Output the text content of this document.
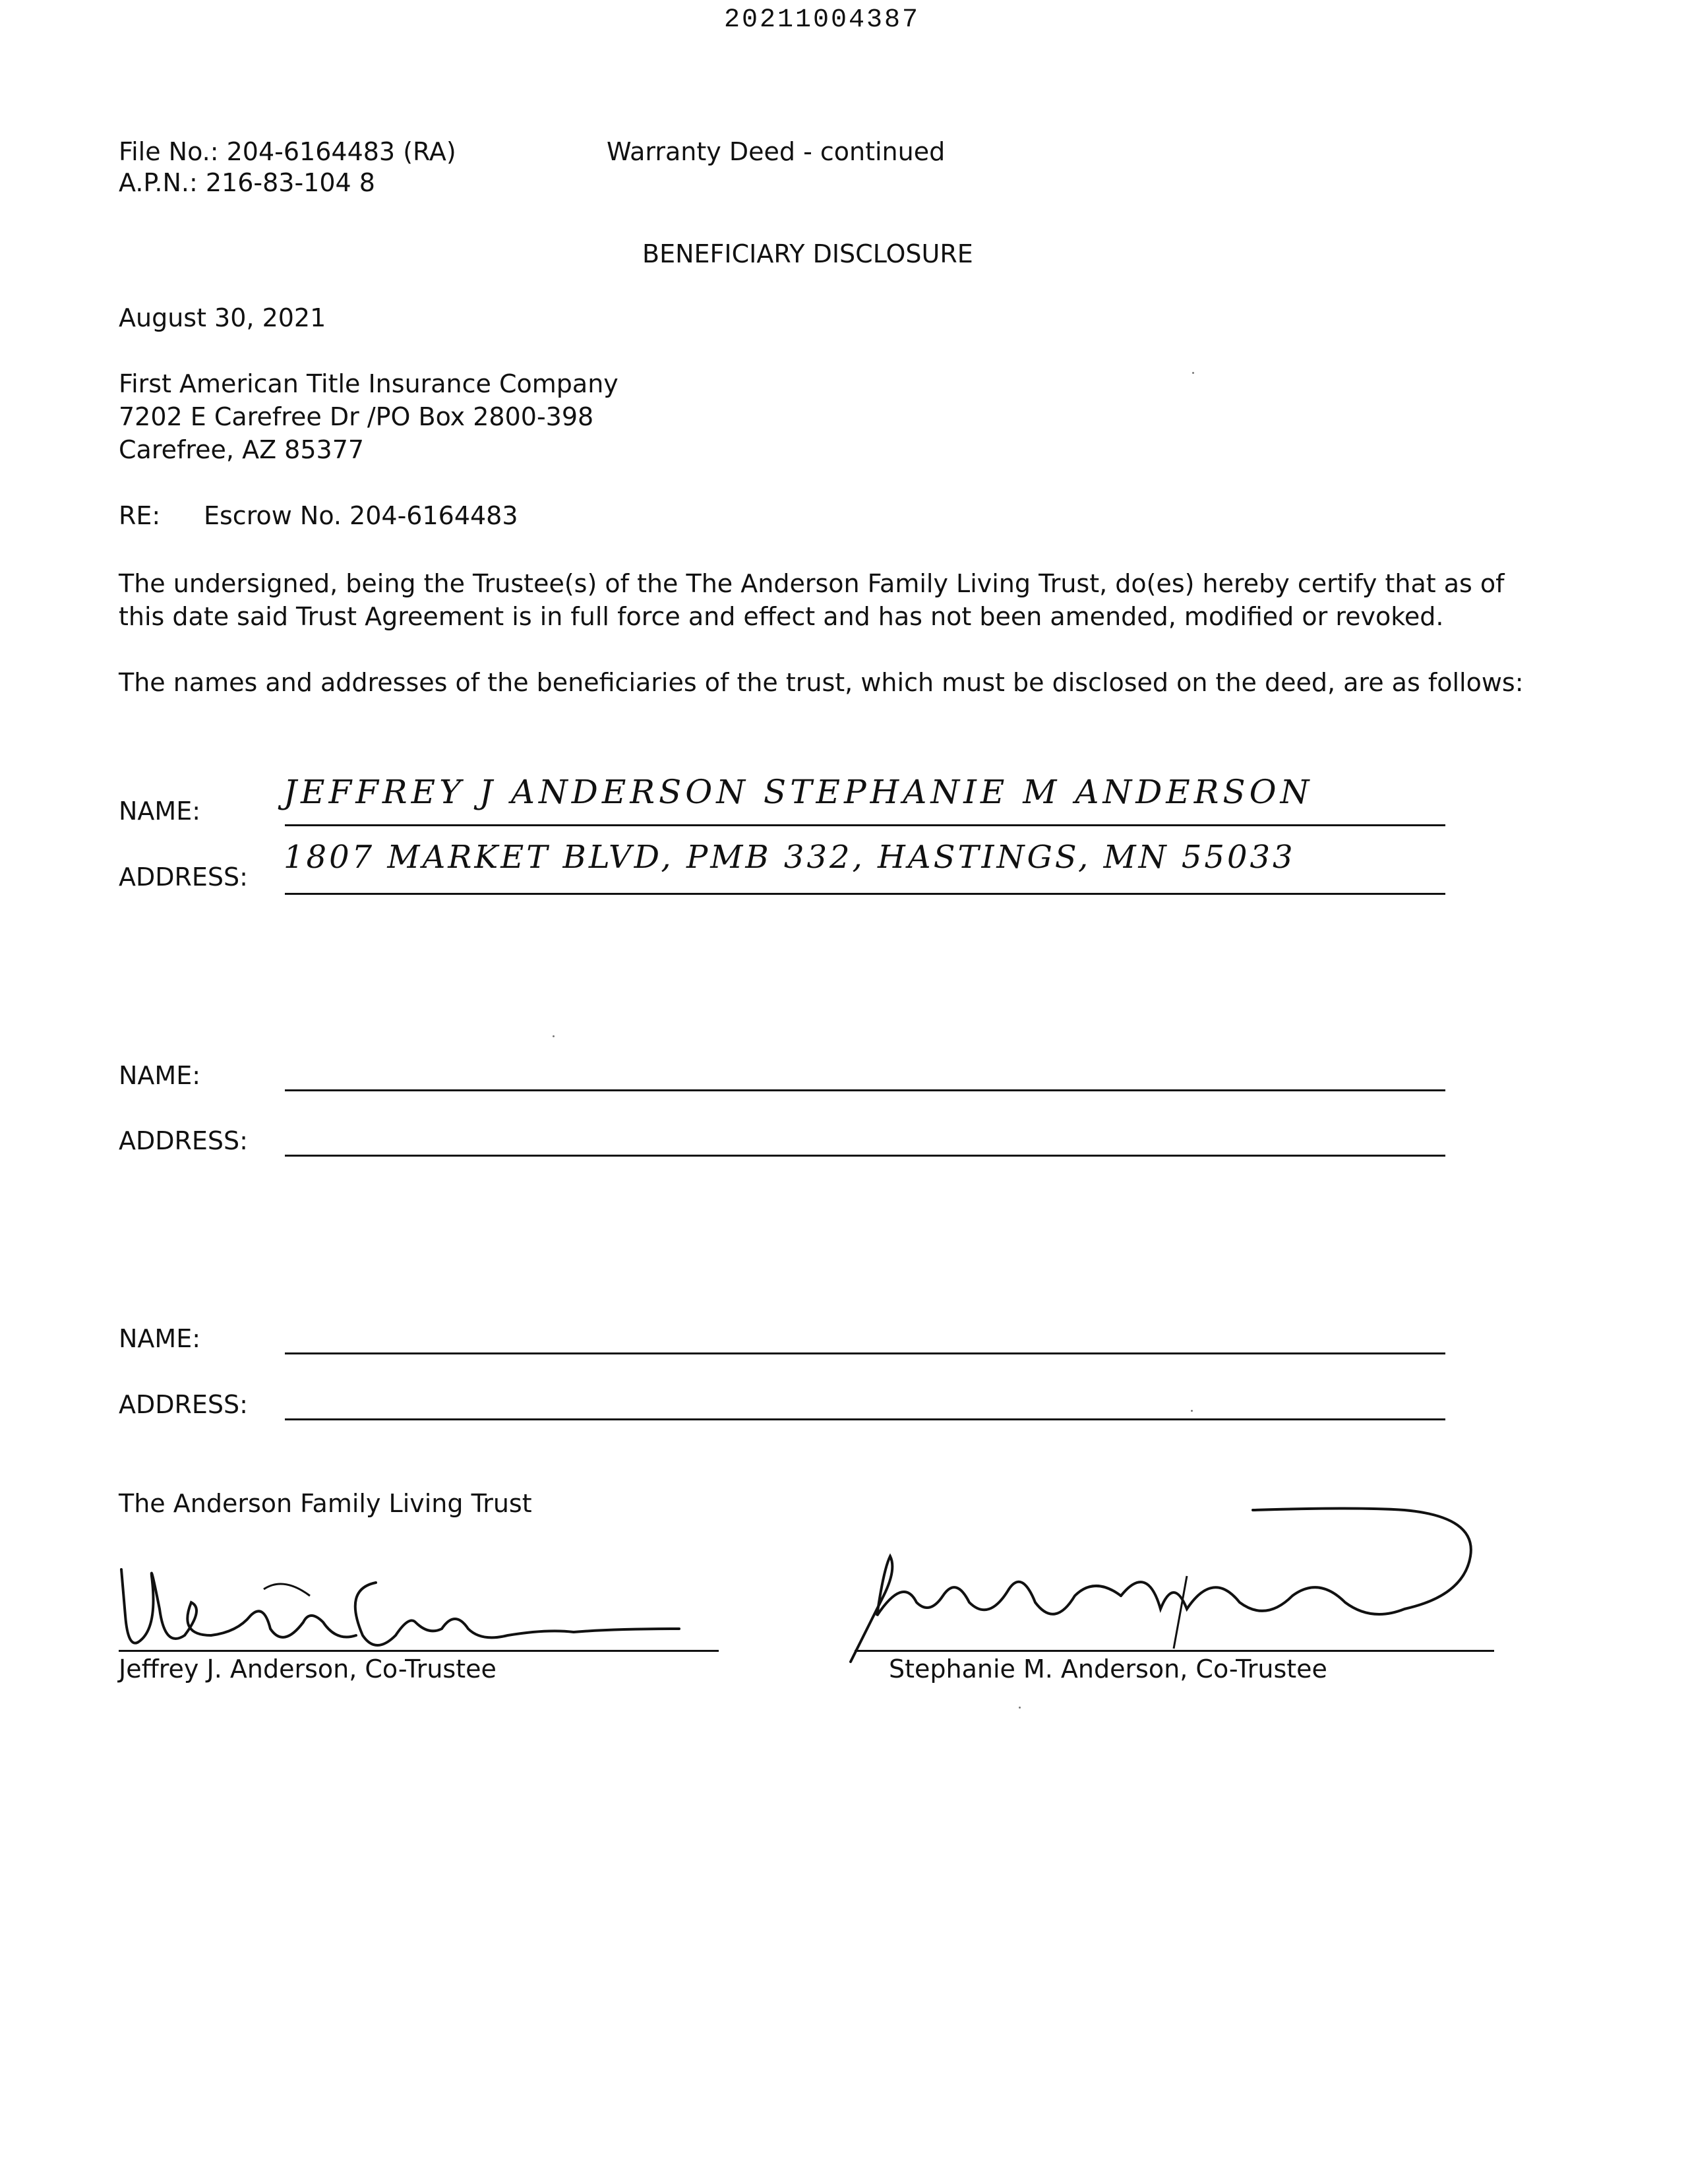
20211004387
File No.: 204-6164483 (RA)
A.P.N.: 216-83-104 8
Warranty Deed - continued
BENEFICIARY DISCLOSURE
August 30, 2021
First American Title Insurance Company
7202 E Carefree Dr /PO Box 2800-398
Carefree, AZ 85377
RE: Escrow No. 204-6164483
The undersigned, being the Trustee(s) of the The Anderson Family Living Trust, do(es) hereby certify that as of
this date said Trust Agreement is in full force and effect and has not been amended, modified or revoked.
The names and addresses of the beneficiaries of the trust, which must be disclosed on the deed, are as follows:
NAME:	JEFFREY J ANDERSON STEPHANIE M ANDERSON
ADDRESS:
1807 MARKET BLVD, PMB 332, HASTINGS, MN 55033
NAME:
ADDRESS:
NAME:
ADDRESS:
The Anderson Family Living Trust
Jeffrey J. Anderson, Co-Trustee	Stephanie M. Anderson, Co-Trustee
